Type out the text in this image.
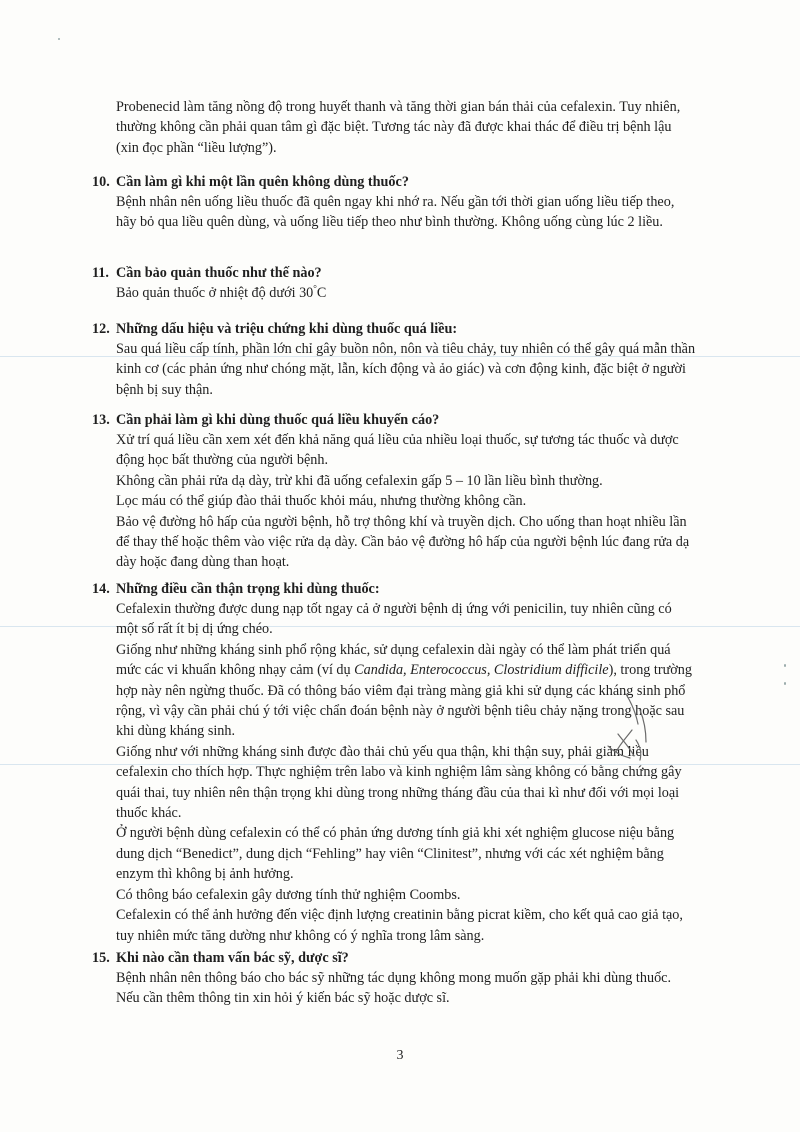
Probenecid làm tăng nồng độ trong huyết thanh và tăng thời gian bán thải của cefalexin. Tuy nhiên, thường không cần phải quan tâm gì đặc biệt. Tương tác này đã được khai thác để điều trị bệnh lậu (xin đọc phần “liều lượng”).

10. Cần làm gì khi một lần quên không dùng thuốc?

Bệnh nhân nên uống liều thuốc đã quên ngay khi nhớ ra. Nếu gần tới thời gian uống liều tiếp theo, hãy bỏ qua liều quên dùng, và uống liều tiếp theo như bình thường. Không uống cùng lúc 2 liều.

11. Cần bảo quản thuốc như thế nào?

Bảo quản thuốc ở nhiệt độ dưới 30°C

12. Những dấu hiệu và triệu chứng khi dùng thuốc quá liều:

Sau quá liều cấp tính, phần lớn chỉ gây buồn nôn, nôn và tiêu chảy, tuy nhiên có thể gây quá mẫn thần kinh cơ (các phản ứng như chóng mặt, lẫn, kích động và ảo giác) và cơn động kinh, đặc biệt ở người bệnh bị suy thận.

13. Cần phải làm gì khi dùng thuốc quá liều khuyến cáo?

Xử trí quá liều cần xem xét đến khả năng quá liều của nhiều loại thuốc, sự tương tác thuốc và dược động học bất thường của người bệnh.

Không cần phải rửa dạ dày, trừ khi đã uống cefalexin gấp 5 – 10 lần liều bình thường.

Lọc máu có thể giúp đào thải thuốc khỏi máu, nhưng thường không cần.

Bảo vệ đường hô hấp của người bệnh, hỗ trợ thông khí và truyền dịch. Cho uống than hoạt nhiều lần để thay thế hoặc thêm vào việc rửa dạ dày. Cần bảo vệ đường hô hấp của người bệnh lúc đang rửa dạ dày hoặc đang dùng than hoạt.

14. Những điều cần thận trọng khi dùng thuốc:

Cefalexin thường được dung nạp tốt ngay cả ở người bệnh dị ứng với penicilin, tuy nhiên cũng có một số rất ít bị dị ứng chéo.

Giống như những kháng sinh phổ rộng khác, sử dụng cefalexin dài ngày có thể làm phát triển quá mức các vi khuẩn không nhạy cảm (ví dụ Candida, Enterococcus, Clostridium difficile), trong trường hợp này nên ngừng thuốc. Đã có thông báo viêm đại tràng màng giả khi sử dụng các kháng sinh phổ rộng, vì vậy cần phải chú ý tới việc chẩn đoán bệnh này ở người bệnh tiêu chảy nặng trong hoặc sau khi dùng kháng sinh.

Giống như với những kháng sinh được đào thải chủ yếu qua thận, khi thận suy, phải giảm liều cefalexin cho thích hợp. Thực nghiệm trên labo và kinh nghiệm lâm sàng không có bằng chứng gây quái thai, tuy nhiên nên thận trọng khi dùng trong những tháng đầu của thai kì như đối với mọi loại thuốc khác.

Ở người bệnh dùng cefalexin có thể có phản ứng dương tính giả khi xét nghiệm glucose niệu bằng dung dịch “Benedict”, dung dịch “Fehling” hay viên “Clinitest”, nhưng với các xét nghiệm bằng enzym thì không bị ảnh hưởng.

Có thông báo cefalexin gây dương tính thử nghiệm Coombs.

Cefalexin có thể ảnh hưởng đến việc định lượng creatinin bằng picrat kiềm, cho kết quả cao giả tạo, tuy nhiên mức tăng dường như không có ý nghĩa trong lâm sàng.

15. Khi nào cần tham vấn bác sỹ, dược sĩ?

Bệnh nhân nên thông báo cho bác sỹ những tác dụng không mong muốn gặp phải khi dùng thuốc.

Nếu cần thêm thông tin xin hỏi ý kiến bác sỹ hoặc dược sĩ.

3
